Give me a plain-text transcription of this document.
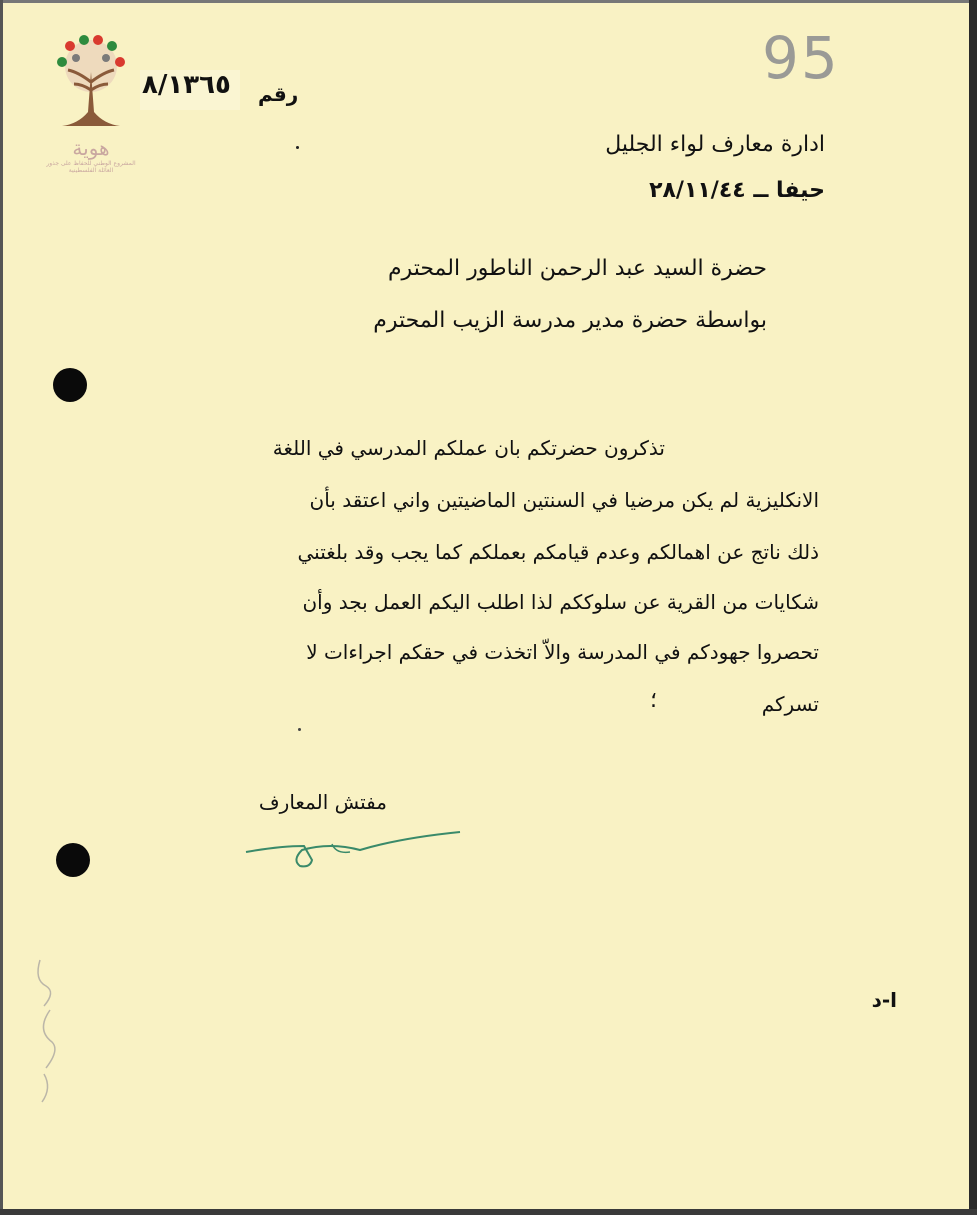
هوية
المشروع الوطني للحفاظ على جذور العائلة الفلسطينية
95
رقم
٨/١٣٦٥
ادارة معارف لواء الجليل
حيفا ــ ٢٨/١١/٤٤
حضرة السيد عبد الرحمن الناطور المحترم
بواسطة حضرة مدير مدرسة الزيب المحترم
تذكرون حضرتكم بان عملكم المدرسي في اللغة
الانكليزية لم يكن مرضيا في السنتين الماضيتين واني اعتقد بأن
ذلك ناتج عن اهمالكم وعدم قيامكم بعملكم كما يجب وقد بلغتني
شكايات من القرية عن سلوككم لذا اطلب اليكم العمل بجد وأن
تحصروا جهودكم في المدرسة والاّ اتخذت في حقكم اجراءات لا
تسركم
؛
مفتش المعارف
ا-د
